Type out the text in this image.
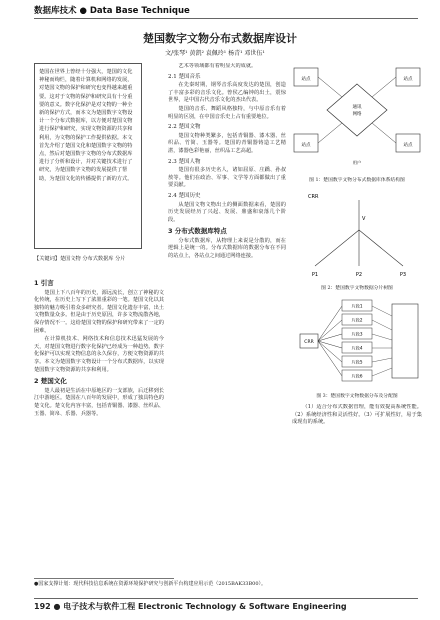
数据库技术 ● Data Base Technique
楚国数字文物分布式数据库设计
文/张琴¹ 黄凯² 袁佩玲¹ 杨青¹ 邓世伍¹
楚国在世界上曾经十分强大，楚国的文化神秘而绚烂，随着计算机和网络的发展，对楚国文物的保护和研究也变得越来越重要。这对于文物的保护和研究具有十分重要的意义。数字化保护是对文物的一种全新的保护方式，而本文为楚国数字文物设计一个分布式数据库，以方便对楚国文物进行保护和研究，实现文物资源的共享和利用，为文物的保护工作提供依据。本文首先介绍了楚国文化和楚国数字文物的特点，然后对楚国数字文物的分布式数据库进行了分析和设计，并对关键技术进行了研究，为楚国数字文物的发展提供了帮助，为楚国文化的传播提供了新的方式。
【关键词】楚国文物 分布式数据库 分片
1 引言

楚国上下八百年的历史，源远流长，创立了神秘的文化传统，在历史上写下了浓墨重彩的一笔。楚国文化以其独特的魅力吸引着众多研究者。楚国文化遗存丰富，出土文物数量众多。但是由于历史原因，许多文物流散各地，保存情况不一。这给楚国文物的保护和研究带来了一定的困难。

在计算机技术、网络技术和信息技术迅猛发展的今天，对楚国文物进行数字化保护已经成为一种趋势。数字化保护可以实现文物信息的永久保存，方便文物资源的共享。本文为楚国数字文物设计一个分布式数据库，以实现楚国数字文物资源的共享和利用。

2 楚国文化

楚人最初是生活在中原地区的一支部族，后迁移到长江中游地区。楚国在八百年的发展中，形成了独具特色的楚文化。楚文化内容丰富，包括青铜器、漆器、丝织品、玉器、简帛、乐器、兵器等。

艺术等领域都有着明显大的成就。

2.1 楚国音乐

在先秦时期，钢琴音乐高度发达的楚国，创造了丰富多彩的音乐文化。曾侯乙编钟的出土，震惊世界，是中国古代音乐文化的杰出代表。

楚国的音乐、舞蹈风格独特，与中原音乐有着明显的区别，在中国音乐史上占有重要地位。

2.2 楚国文物

楚国文物种类繁多，包括青铜器、漆木器、丝织品、竹简、玉器等。楚国的青铜器铸造工艺精湛，漆器色彩艳丽，丝织品工艺高超。

2.3 楚国人物

楚国有很多历史名人，诸如屈原、庄蹻、孙叔敖等。他们在政治、军事、文学等方面都做出了重要贡献。

2.4 楚国历史

从楚国文物文物出土的侧面数据来看，楚国的历史发展经历了兴起、发展、鼎盛和衰落几个阶段。

3 分布式数据库特点

分布式数据库，从物理上来说是分散的，而在逻辑上是统一的。分布式数据库的数据分布在不同的站点上，各站点之间通过网络连接。

站点	站点
站点	站点
通讯
网络
用户
图 1：楚国数字文物分布式数据库体系结构图
CRR
V
P1	P2	P3
图 2：楚国数字文物数据分片树图
CRR
片段1
片段2
片段3
片段4
片段5
片段6
图 3：楚国数字文物数据分布及分配图

（1）适合分布式数据管理，能有效提高系统性能。（2）系统经济性和灵活性好。（3）可扩展性好，易于集成现有的系统。

●国家支撑计划：现代科技信息系统在资源环境保护研究与创新平台构建应用示范（2015BAK33B00）。
192 ● 电子技术与软件工程 Electronic Technology & Software Engineering
